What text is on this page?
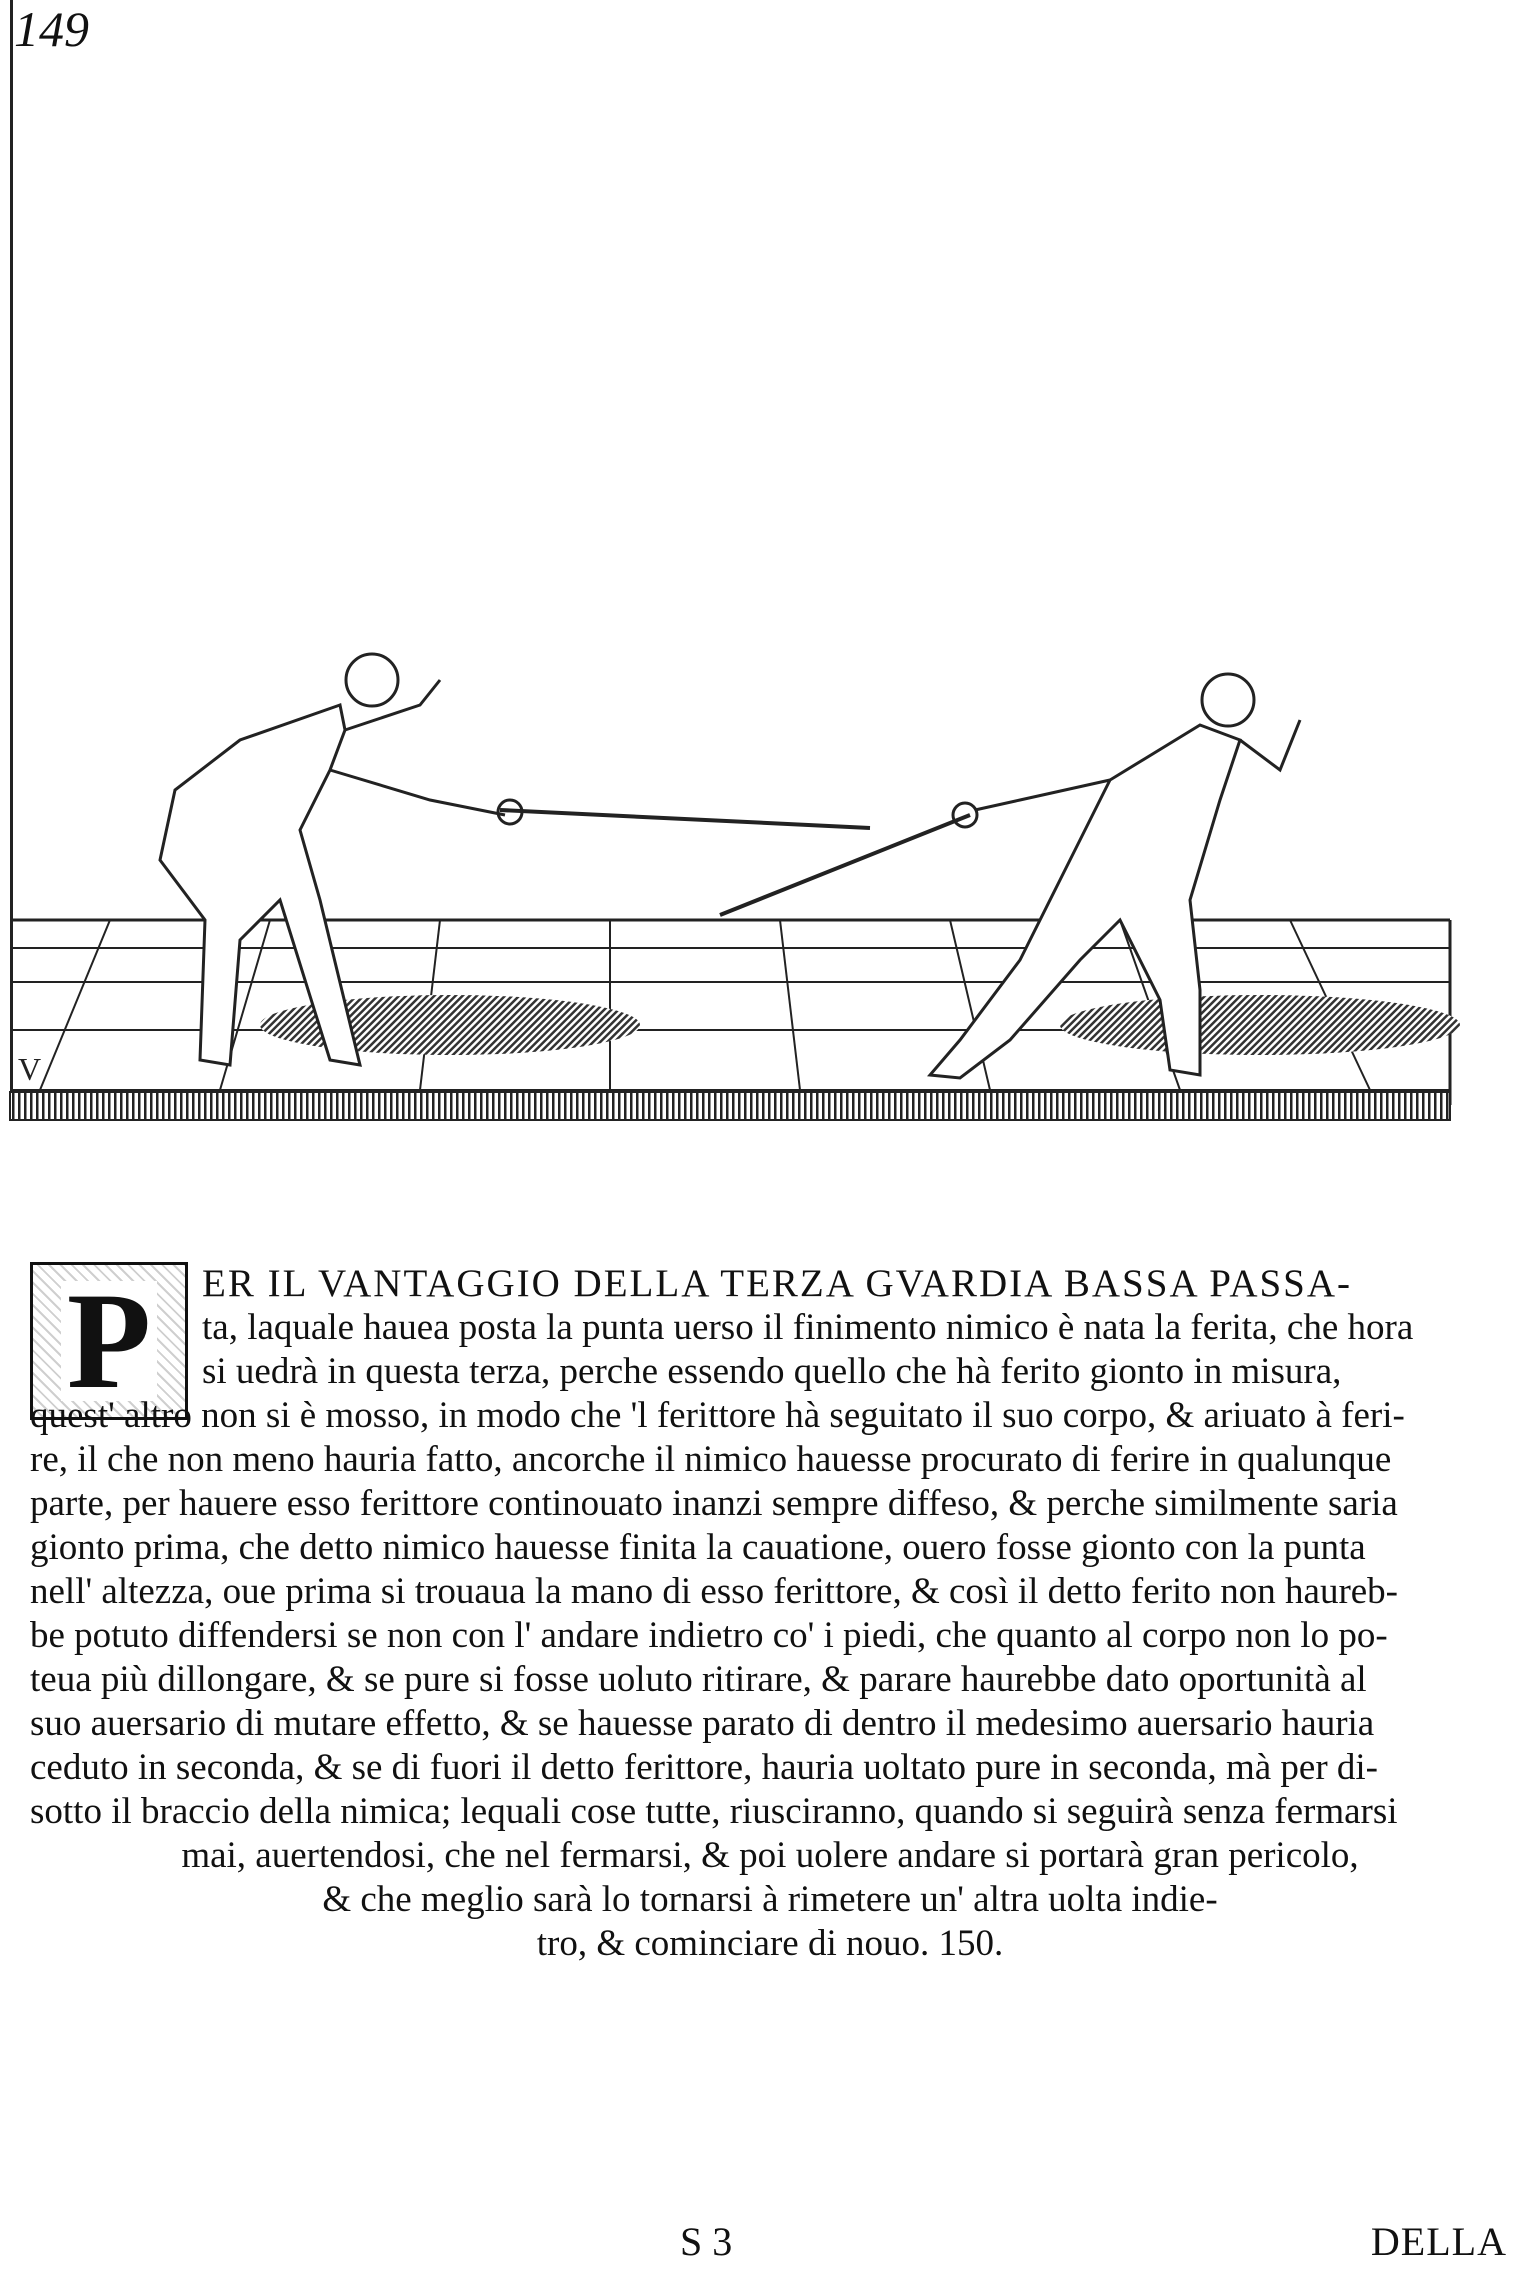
149
V
P ER IL VANTAGGIO DELLA TERZA GVARDIA BASSA PASSA-
ta, laquale hauea posta la punta uerso il finimento nimico è nata la ferita, che hora
si uedrà in questa terza, perche essendo quello che hà ferito gionto in misura,
quest' altro non si è mosso, in modo che 'l ferittore hà seguitato il suo corpo, & ariuato à feri-
re, il che non meno hauria fatto, ancorche il nimico hauesse procurato di ferire in qualunque
parte, per hauere esso ferittore continouato inanzi sempre diffeso, & perche similmente saria
gionto prima, che detto nimico hauesse finita la cauatione, ouero fosse gionto con la punta
nell' altezza, oue prima si trouaua la mano di esso ferittore, & così il detto ferito non haureb-
be potuto diffendersi se non con l' andare indietro co' i piedi, che quanto al corpo non lo po-
teua più dillongare, & se pure si fosse uoluto ritirare, & parare haurebbe dato oportunità al
suo auersario di mutare effetto, & se hauesse parato di dentro il medesimo auersario hauria
ceduto in seconda, & se di fuori il detto ferittore, hauria uoltato pure in seconda, mà per di-
sotto il braccio della nimica; lequali cose tutte, riusciranno, quando si seguirà senza fermarsi
mai, auertendosi, che nel fermarsi, & poi uolere andare si portarà gran pericolo,
& che meglio sarà lo tornarsi à rimetere un' altra uolta indie-
tro, & cominciare di nouo. 150.
S 3	DELLA
